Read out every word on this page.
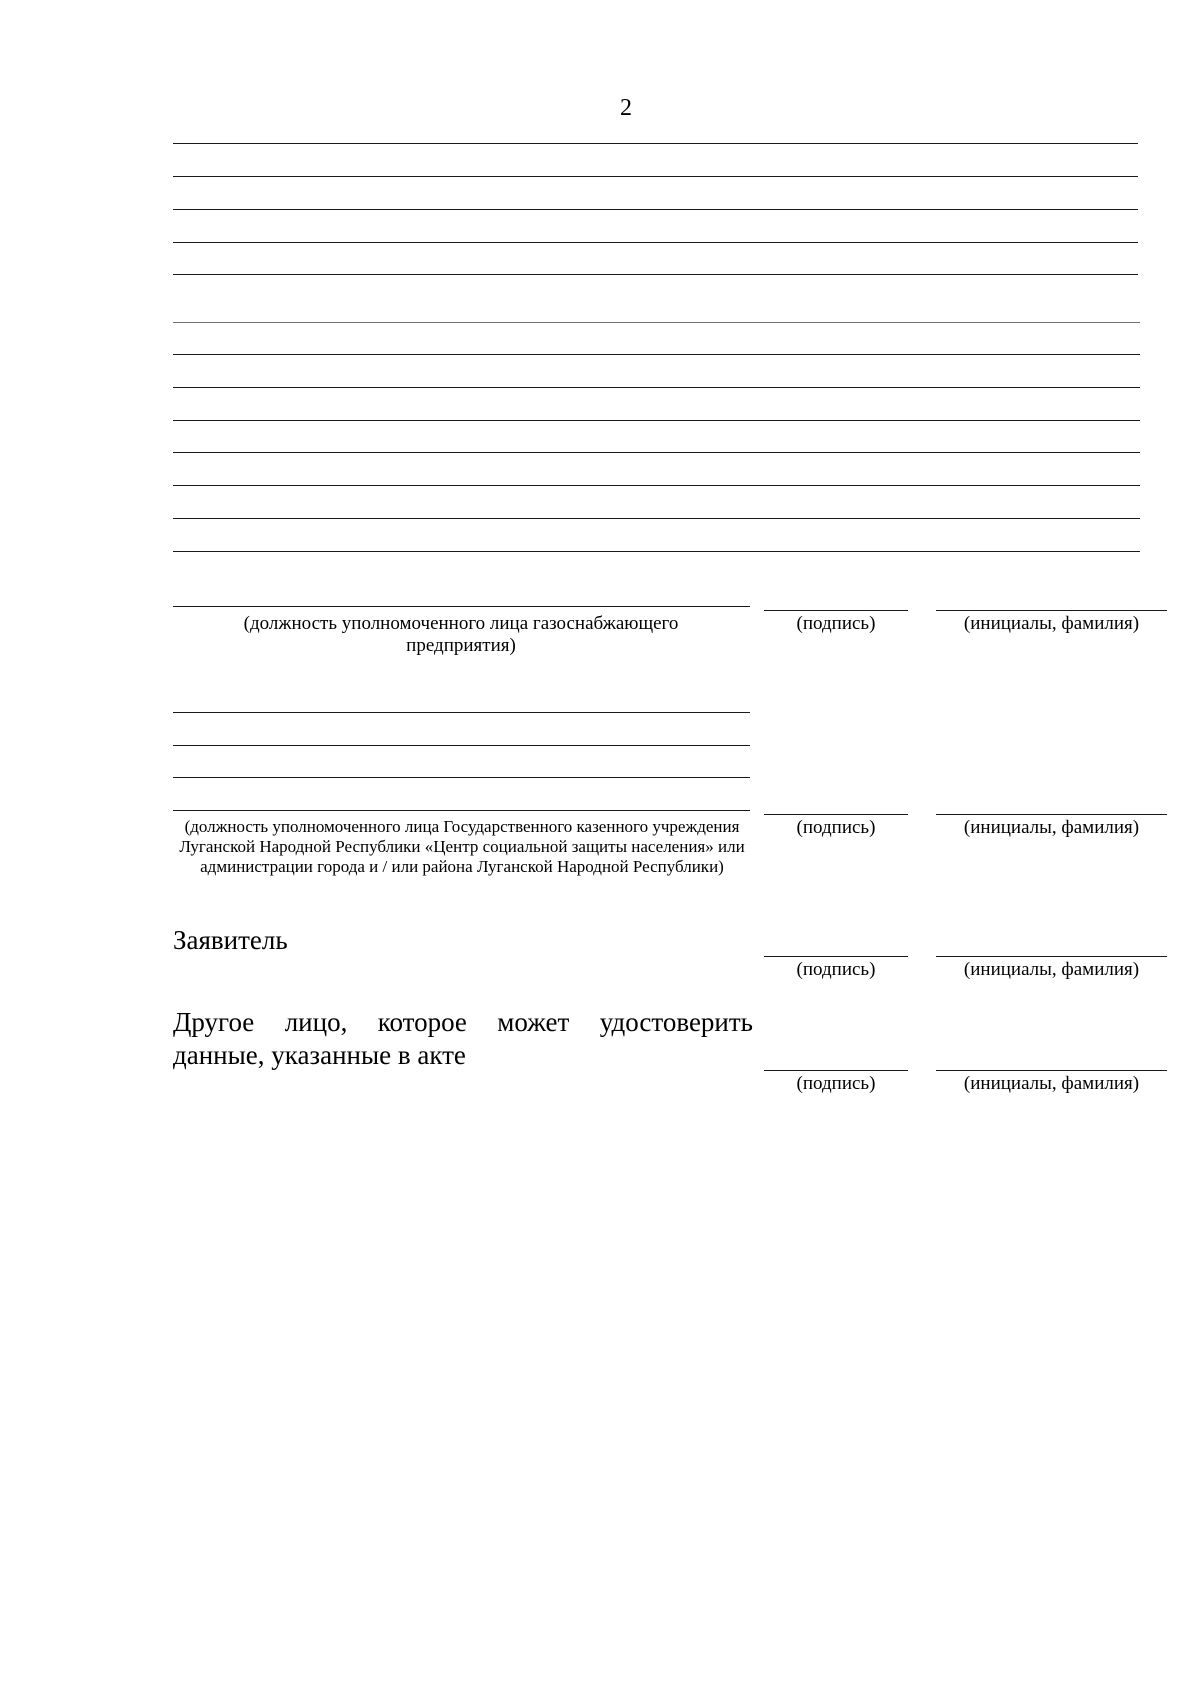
2
(должность уполномоченного лица газоснабжающего предприятия)
(подпись)	(инициалы, фамилия)
(должность уполномоченного лица Государственного казенного учреждения Луганской Народной Республики «Центр социальной защиты населения» или администрации города и / или района Луганской Народной Республики)
(подпись)	(инициалы, фамилия)
Заявитель
(подпись)	(инициалы, фамилия)
Другое лицо, которое может удостоверить данные, указанные в акте
(подпись)	(инициалы, фамилия)
